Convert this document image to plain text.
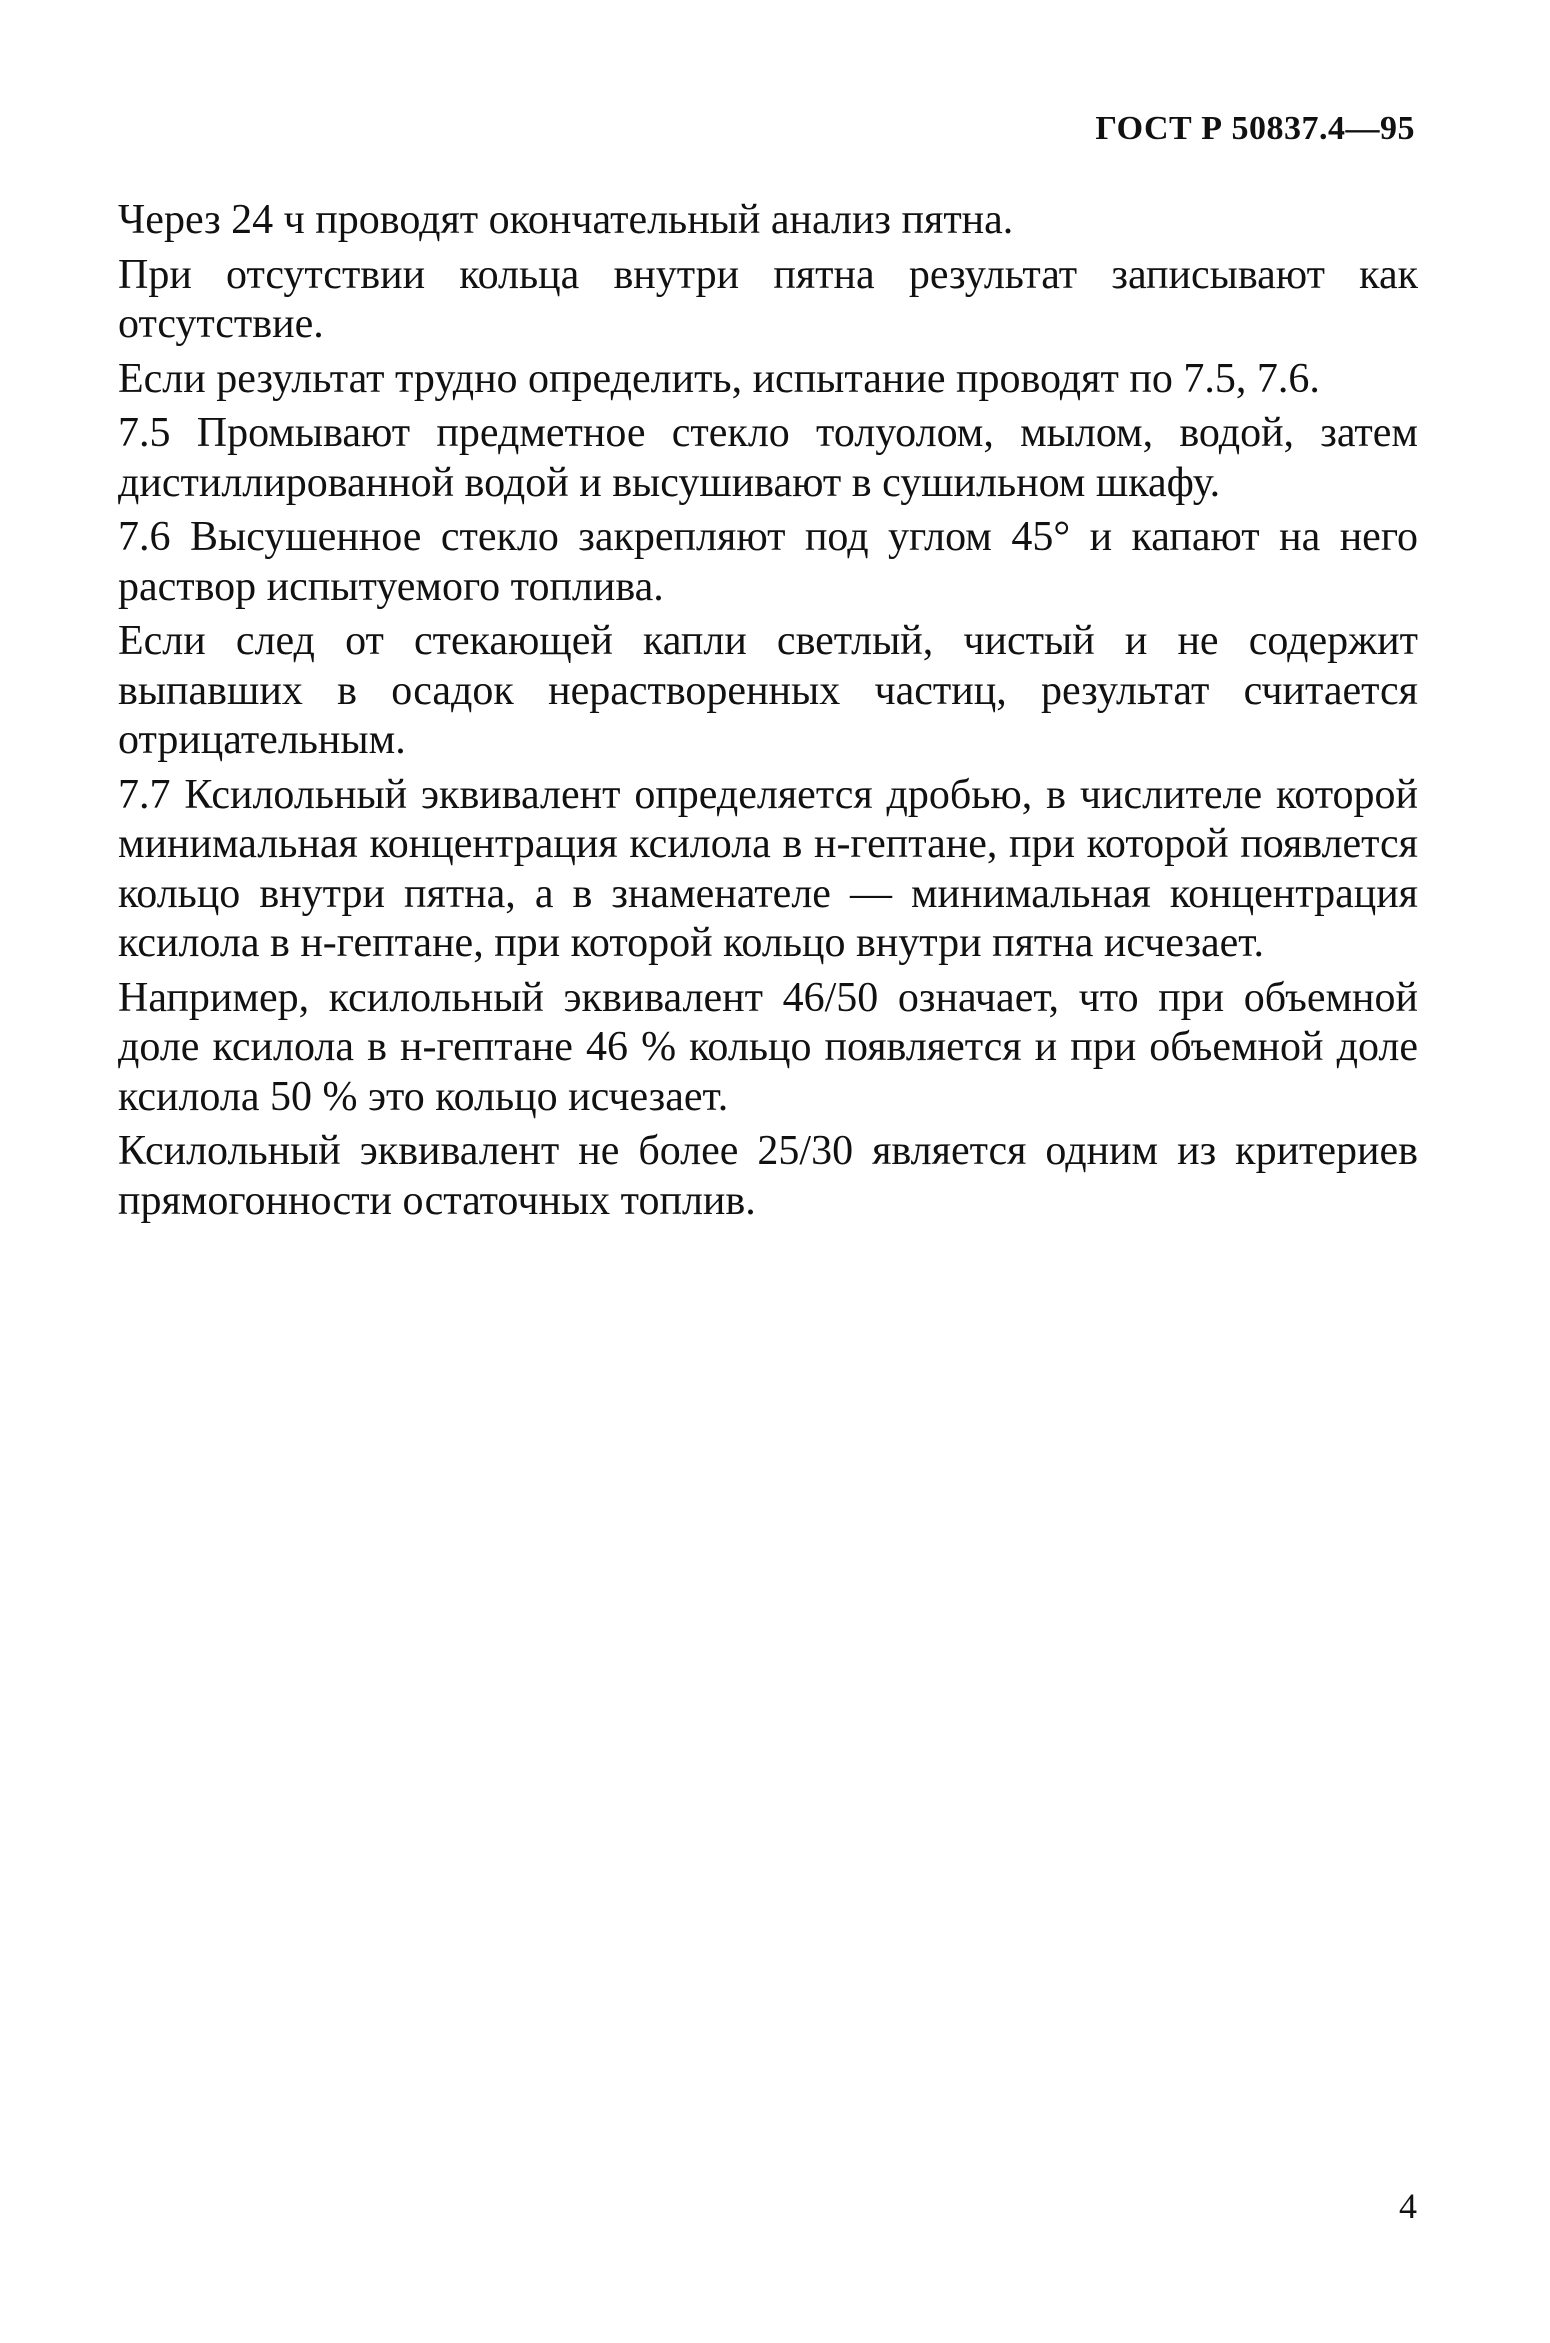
ГОСТ Р 50837.4—95

Через 24 ч проводят окончательный анализ пятна.

При отсутствии кольца внутри пятна результат записывают как отсутствие.

Если результат трудно определить, испытание проводят по 7.5, 7.6.

7.5 Промывают предметное стекло толуолом, мылом, водой, затем дистиллированной водой и высушивают в сушильном шкафу.

7.6 Высушенное стекло закрепляют под углом 45° и капают на него раствор испытуемого топлива.

Если след от стекающей капли светлый, чистый и не содержит выпавших в осадок нерастворенных частиц, результат считается отрицательным.

7.7 Ксилольный эквивалент определяется дробью, в числителе которой минимальная концентрация ксилола в н-гептане, при которой появлется кольцо внутри пятна, а в знаменателе — минимальная концентрация ксилола в н-гептане, при которой кольцо внутри пятна исчезает.

Например, ксилольный эквивалент 46/50 означает, что при объемной доле ксилола в н-гептане 46 % кольцо появляется и при объемной доле ксилола 50 % это кольцо исчезает.

Ксилольный эквивалент не более 25/30 является одним из критериев прямогонности остаточных топлив.

4
